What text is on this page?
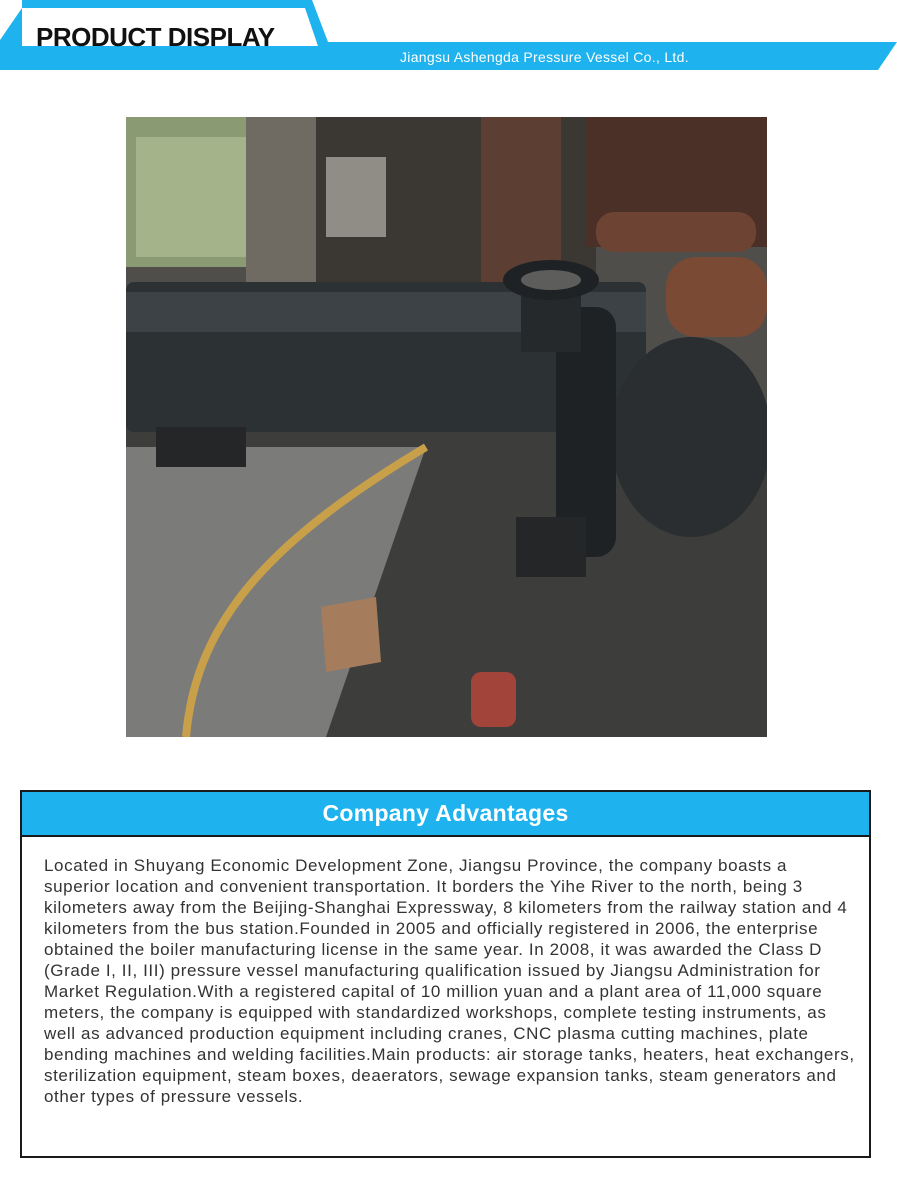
PRODUCT DISPLAY
Jiangsu Ashengda Pressure Vessel Co., Ltd.
Company Advantages
Located in Shuyang Economic Development Zone, Jiangsu Province, the company boasts a superior location and convenient transportation. It borders the Yihe River to the north, being 3 kilometers away from the Beijing-Shanghai Expressway, 8 kilometers from the railway station and 4 kilometers from the bus station.Founded in 2005 and officially registered in 2006, the enterprise obtained the boiler manufacturing license in the same year. In 2008, it was awarded the Class D (Grade I, II, III) pressure vessel manufacturing qualification issued by Jiangsu Administration for Market Regulation.With a registered capital of 10 million yuan and a plant area of 11,000 square meters, the company is equipped with standardized workshops, complete testing instruments, as well as advanced production equipment including cranes, CNC plasma cutting machines, plate bending machines and welding facilities.Main products: air storage tanks, heaters, heat exchangers, sterilization equipment, steam boxes, deaerators, sewage expansion tanks, steam generators and other types of pressure vessels.
